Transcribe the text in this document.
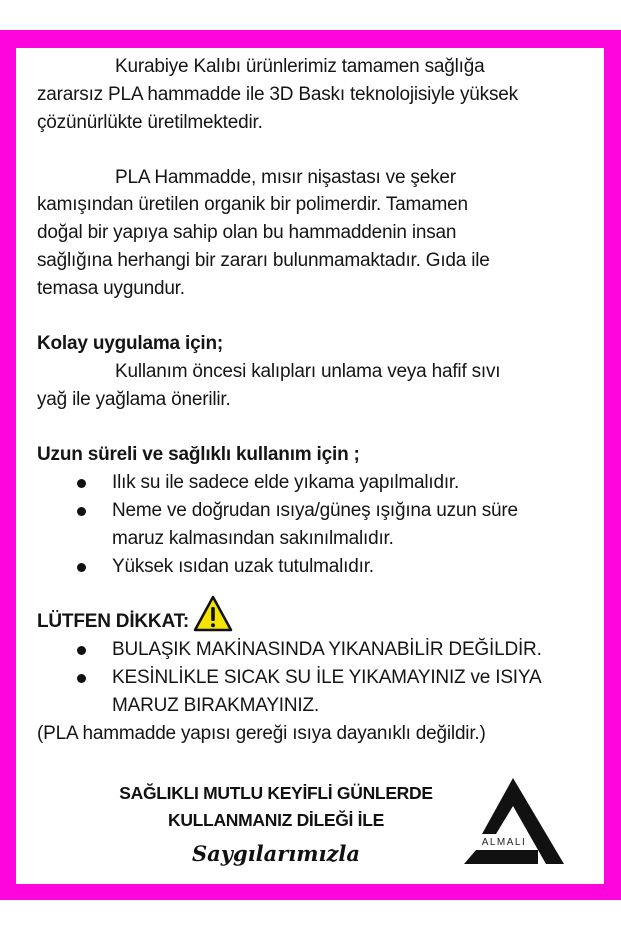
Kurabiye Kalıbı ürünlerimiz tamamen sağlığa
zararsız PLA hammadde ile 3D Baskı teknolojisiyle yüksek
çözünürlükte üretilmektedir.
PLA Hammadde, mısır nişastası ve şeker
kamışından üretilen organik bir polimerdir. Tamamen
doğal bir yapıya sahip olan bu hammaddenin insan
sağlığına herhangi bir zararı bulunmamaktadır. Gıda ile
temasa uygundur.
Kolay uygulama için;
Kullanım öncesi kalıpları unlama veya hafif sıvı
yağ ile yağlama önerilir.
Uzun süreli ve sağlıklı kullanım için ;
Ilık su ile sadece elde yıkama yapılmalıdır.
Neme ve doğrudan ısıya/güneş ışığına uzun süre
maruz kalmasından sakınılmalıdır.
Yüksek ısıdan uzak tutulmalıdır.
LÜTFEN DİKKAT:
BULAŞIK MAKİNASINDA YIKANABİLİR DEĞİLDİR.
KESİNLİKLE SICAK SU İLE YIKAMAYINIZ ve ISIYA
MARUZ BIRAKMAYINIZ.
(PLA hammadde yapısı gereği ısıya dayanıklı değildir.)
SAĞLIKLI MUTLU KEYİFLİ GÜNLERDE
KULLANMANIZ DİLEĞİ İLE
Saygılarımızla	ALMALI
